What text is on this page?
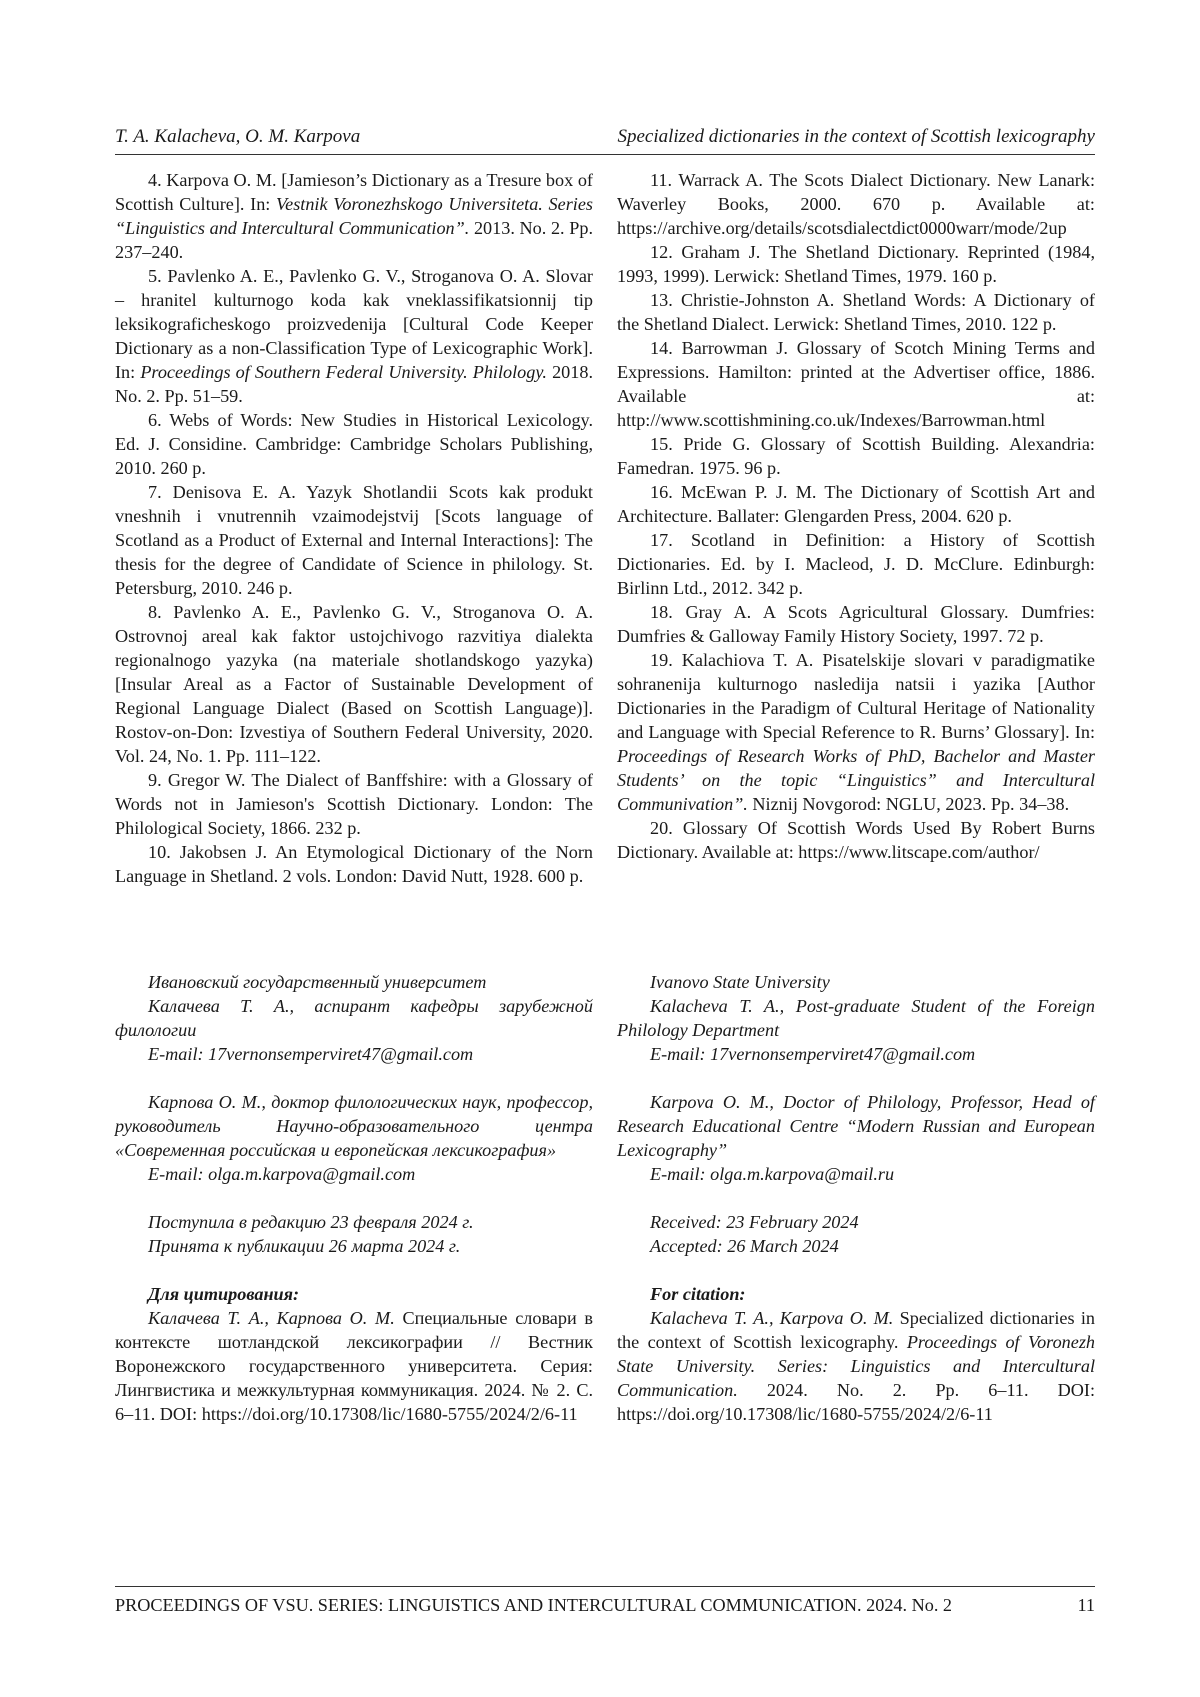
T. A. Kalacheva, O. M. Karpova	Specialized dictionaries in the context of Scottish lexicography

4. Karpova O. M. [Jamieson’s Dictionary as a Tresure box of Scottish Culture]. In: Vestnik Voronezhskogo Universiteta. Series “Linguistics and Intercultural Communication”. 2013. No. 2. Pp. 237–240.

5. Pavlenko A. E., Pavlenko G. V., Stroganova O. A. Slovar – hranitel kulturnogo koda kak vneklassifikatsionnij tip leksikograficheskogo proizvedenija [Cultural Code Keeper Dictionary as a non-Classification Type of Lexicographic Work]. In: Proceedings of Southern Federal University. Philology. 2018. No. 2. Pp. 51–59.

6. Webs of Words: New Studies in Historical Lexicology. Ed. J. Considine. Cambridge: Cambridge Scholars Publishing, 2010. 260 p.

7. Denisova E. A. Yazyk Shotlandii Scots kak produkt vneshnih i vnutrennih vzaimodejstvij [Scots language of Scotland as a Product of External and Internal Interactions]: The thesis for the degree of Candidate of Science in philology. St. Petersburg, 2010. 246 p.

8. Pavlenko A. E., Pavlenko G. V., Stroganova O. A. Ostrovnoj areal kak faktor ustojchivogo razvitiya dialekta regionalnogo yazyka (na materiale shotlandskogo yazyka) [Insular Areal as a Factor of Sustainable Development of Regional Language Dialect (Based on Scottish Language)]. Rostov-on-Don: Izvestiya of Southern Federal University, 2020. Vol. 24, No. 1. Pp. 111–122.

9. Gregor W. The Dialect of Banffshire: with a Glossary of Words not in Jamieson's Scottish Dictionary. London: The Philological Society, 1866. 232 p.

10. Jakobsen J. An Etymological Dictionary of the Norn Language in Shetland. 2 vols. London: David Nutt, 1928. 600 p.

11. Warrack A. The Scots Dialect Dictionary. New Lanark: Waverley Books, 2000. 670 p. Available at: https://archive.org/details/scotsdialectdict0000warr/mode/2up

12. Graham J. The Shetland Dictionary. Reprinted (1984, 1993, 1999). Lerwick: Shetland Times, 1979. 160 p.

13. Christie-Johnston A. Shetland Words: A Dictionary of the Shetland Dialect. Lerwick: Shetland Times, 2010. 122 p.

14. Barrowman J. Glossary of Scotch Mining Terms and Expressions. Hamilton: printed at the Advertiser office, 1886. Available at: http://www.scottishmining.co.uk/Indexes/Barrowman.html

15. Pride G. Glossary of Scottish Building. Alexandria: Famedran. 1975. 96 p.

16. McEwan P. J. M. The Dictionary of Scottish Art and Architecture. Ballater: Glengarden Press, 2004. 620 p.

17. Scotland in Definition: a History of Scottish Dictionaries. Ed. by I. Macleod, J. D. McClure. Edinburgh: Birlinn Ltd., 2012. 342 p.

18. Gray A. A Scots Agricultural Glossary. Dumfries: Dumfries & Galloway Family History Society, 1997. 72 p.

19. Kalachiova T. A. Pisatelskije slovari v paradigmatike sohranenija kulturnogo nasledija natsii i yazika [Author Dictionaries in the Paradigm of Cultural Heritage of Nationality and Language with Special Reference to R. Burns’ Glossary]. In: Proceedings of Research Works of PhD, Bachelor and Master Students’ on the topic “Linguistics” and Intercultural Communivation”. Niznij Novgorod: NGLU, 2023. Pp. 34–38.

20. Glossary Of Scottish Words Used By Robert Burns Dictionary. Available at: https://www.litscape.com/author/

Ивановский государственный университет

Калачева Т. А., аспирант кафедры зарубежной филологии

E-mail: 17vernonsemperviret47@gmail.com

Карпова О. М., доктор филологических наук, профессор, руководитель Научно-образовательного центра «Современная российская и европейская лексикография»

E-mail: olga.m.karpova@gmail.com

Поступила в редакцию 23 февраля 2024 г.

Принята к публикации 26 марта 2024 г.

Для цитирования:

Калачева Т. А., Карпова О. М. Специальные словари в контексте шотландской лексикографии // Вестник Воронежского государственного университета. Серия: Лингвистика и межкультурная коммуникация. 2024. № 2. С. 6–11. DOI: https://doi.org/10.17308/lic/1680-5755/2024/2/6-11

Ivanovo State University

Kalacheva T. A., Post-graduate Student of the Foreign Philology Department

E-mail: 17vernonsemperviret47@gmail.com

Karpova O. M., Doctor of Philology, Professor, Head of Research Educational Centre “Modern Russian and European Lexicography”

E-mail: olga.m.karpova@mail.ru

Received: 23 February 2024

Accepted: 26 March 2024

For citation:

Kalacheva T. A., Karpova O. M. Specialized dictionaries in the context of Scottish lexicography. Proceedings of Voronezh State University. Series: Linguistics and Intercultural Communication. 2024. No. 2. Pp. 6–11. DOI: https://doi.org/10.17308/lic/1680-5755/2024/2/6-11

PROCEEDINGS OF VSU. SERIES: LINGUISTICS AND INTERCULTURAL COMMUNICATION. 2024. No. 2	11
